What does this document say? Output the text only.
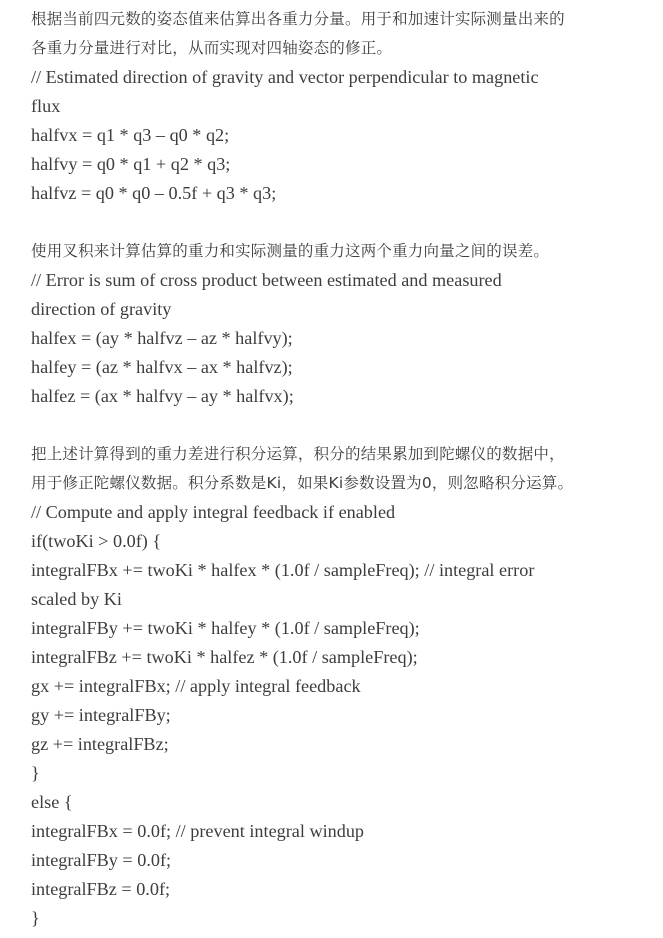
根据当前四元数的姿态值来估算出各重力分量。用于和加速计实际测量出来的
各重力分量进行对比，从而实现对四轴姿态的修正。
// Estimated direction of gravity and vector perpendicular to magnetic
flux
halfvx = q1 * q3 – q0 * q2;
halfvy = q0 * q1 + q2 * q3;
halfvz = q0 * q0 – 0.5f + q3 * q3;
使用叉积来计算估算的重力和实际测量的重力这两个重力向量之间的误差。
// Error is sum of cross product between estimated and measured
direction of gravity
halfex = (ay * halfvz – az * halfvy);
halfey = (az * halfvx – ax * halfvz);
halfez = (ax * halfvy – ay * halfvx);
把上述计算得到的重力差进行积分运算，积分的结果累加到陀螺仪的数据中，
用于修正陀螺仪数据。积分系数是Ki，如果Ki参数设置为0，则忽略积分运算。
// Compute and apply integral feedback if enabled
if(twoKi > 0.0f) {
integralFBx += twoKi * halfex * (1.0f / sampleFreq); // integral error
scaled by Ki
integralFBy += twoKi * halfey * (1.0f / sampleFreq);
integralFBz += twoKi * halfez * (1.0f / sampleFreq);
gx += integralFBx; // apply integral feedback
gy += integralFBy;
gz += integralFBz;
}
else {
integralFBx = 0.0f; // prevent integral windup
integralFBy = 0.0f;
integralFBz = 0.0f;
}
